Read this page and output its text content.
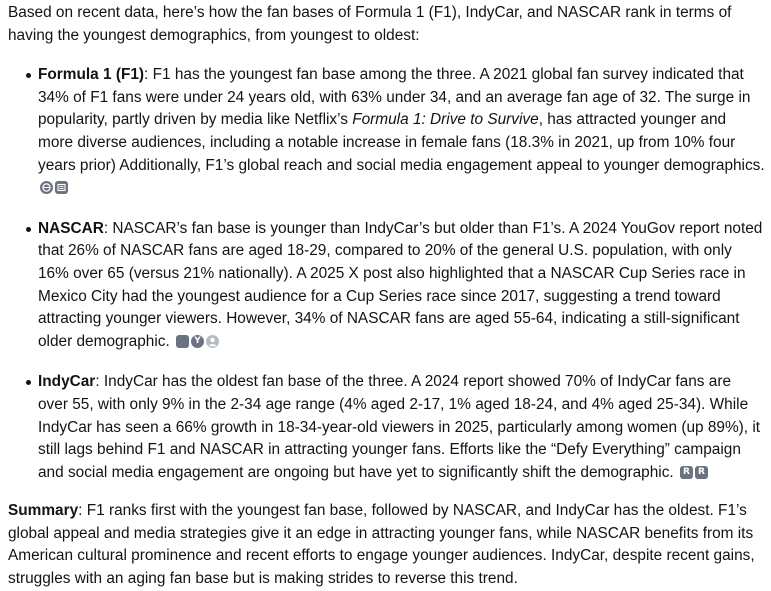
Based on recent data, here’s how the fan bases of Formula 1 (F1), IndyCar, and NASCAR rank in terms of having the youngest demographics, from youngest to oldest:

Formula 1 (F1): F1 has the youngest fan base among the three. A 2021 global fan survey indicated that 34% of F1 fans were under 24 years old, with 63% under 34, and an average fan age of 32. The surge in popularity, partly driven by media like Netflix’s Formula 1: Drive to Survive, has attracted younger and more diverse audiences, including a notable increase in female fans (18.3% in 2021, up from 10% four years prior) Additionally, F1’s global reach and social media engagement appeal to younger demographics.
NASCAR: NASCAR’s fan base is younger than IndyCar’s but older than F1’s. A 2024 YouGov report noted that 26% of NASCAR fans are aged 18-29, compared to 20% of the general U.S. population, with only 16% over 65 (versus 21% nationally). A 2025 X post also highlighted that a NASCAR Cup Series race in Mexico City had the youngest audience for a Cup Series race since 2017, suggesting a trend toward attracting younger viewers. However, 34% of NASCAR fans are aged 55-64, indicating a still-significant older demographic.	Y
IndyCar: IndyCar has the oldest fan base of the three. A 2024 report showed 70% of IndyCar fans are over 55, with only 9% in the 2-34 age range (4% aged 2-17, 1% aged 18-24, and 4% aged 25-34). While IndyCar has seen a 66% growth in 18-34-year-old viewers in 2025, particularly among women (up 89%), it still lags behind F1 and NASCAR in attracting younger fans. Efforts like the “Defy Everything” campaign and social media engagement are ongoing but have yet to significantly shift the demographic.	R R

Summary: F1 ranks first with the youngest fan base, followed by NASCAR, and IndyCar has the oldest. F1’s global appeal and media strategies give it an edge in attracting younger fans, while NASCAR benefits from its American cultural prominence and recent efforts to engage younger audiences. IndyCar, despite recent gains, struggles with an aging fan base but is making strides to reverse this trend.
